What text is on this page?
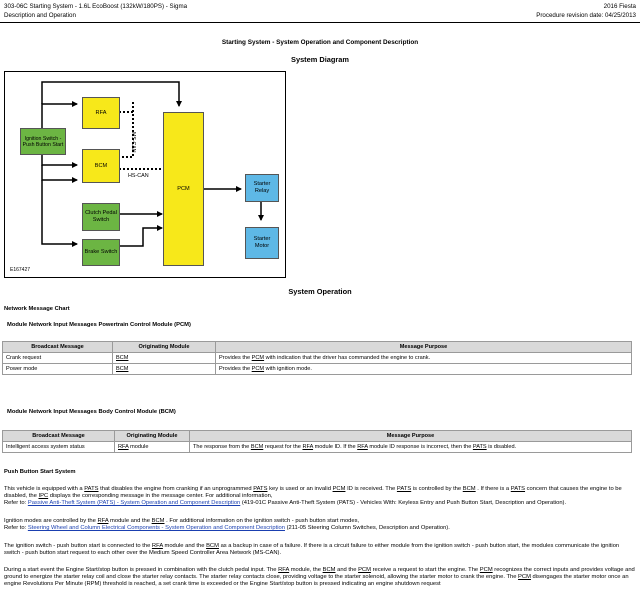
303-06C Starting System - 1.6L EcoBoost (132kW/180PS) - Sigma	2016 Fiesta
Description and Operation	Procedure revision date: 04/25/2013
Starting System - System Operation and Component Description
System Diagram
RFA
BCM
PCM
Ignition Switch - Push Button Start
Clutch Pedal Switch
Brake Switch
Starter Relay
Starter Motor
MS-CAN
HS-CAN
E167427
System Operation
Network Message Chart
Module Network Input Messages Powertrain Control Module (PCM)
Broadcast Message	Originating Module	Message Purpose
Crank request	BCM	Provides the PCM with indication that the driver has commanded the engine to crank.
Power mode	BCM	Provides the PCM with ignition mode.
Module Network Input Messages Body Control Module (BCM)
Broadcast Message	Originating Module	Message Purpose
Intelligent access system status	RFA module	The response from the BCM request for the RFA module ID. If the RFA module ID response is incorrect, then the PATS is disabled.
Push Button Start System
This vehicle is equipped with a PATS that disables the engine from cranking if an unprogrammed PATS key is used or an invalid PCM ID is received. The PATS is controlled by the BCM . If there is a PATS concern that causes the engine to be disabled, the IPC displays the corresponding message in the message center. For additional information,
Refer to: Passive Anti-Theft System (PATS) - System Operation and Component Description (419-01C Passive Anti-Theft System (PATS) - Vehicles With: Keyless Entry and Push Button Start, Description and Operation).
Ignition modes are controlled by the RFA module and the BCM . For additional information on the ignition switch - push button start modes,
Refer to: Steering Wheel and Column Electrical Components - System Operation and Component Description (211-05 Steering Column Switches, Description and Operation).
The ignition switch - push button start is connected to the RFA module and the BCM as a backup in case of a failure. If there is a circuit failure to either module from the ignition switch - push button start, the modules communicate the ignition switch - push button start request to each other over the Medium Speed Controller Area Network (MS-CAN).
During a start event the Engine Start/stop button is pressed in combination with the clutch pedal input. The RFA module, the BCM and the PCM receive a request to start the engine. The PCM recognizes the correct inputs and provides voltage and ground to energize the starter relay coil and close the starter relay contacts. The starter relay contacts close, providing voltage to the starter solenoid, allowing the starter motor to crank the engine. The PCM disengages the starter motor once an engine Revolutions Per Minute (RPM) threshold is reached, a set crank time is exceeded or the Engine Start/stop button is pressed indicating an engine shutdown request
